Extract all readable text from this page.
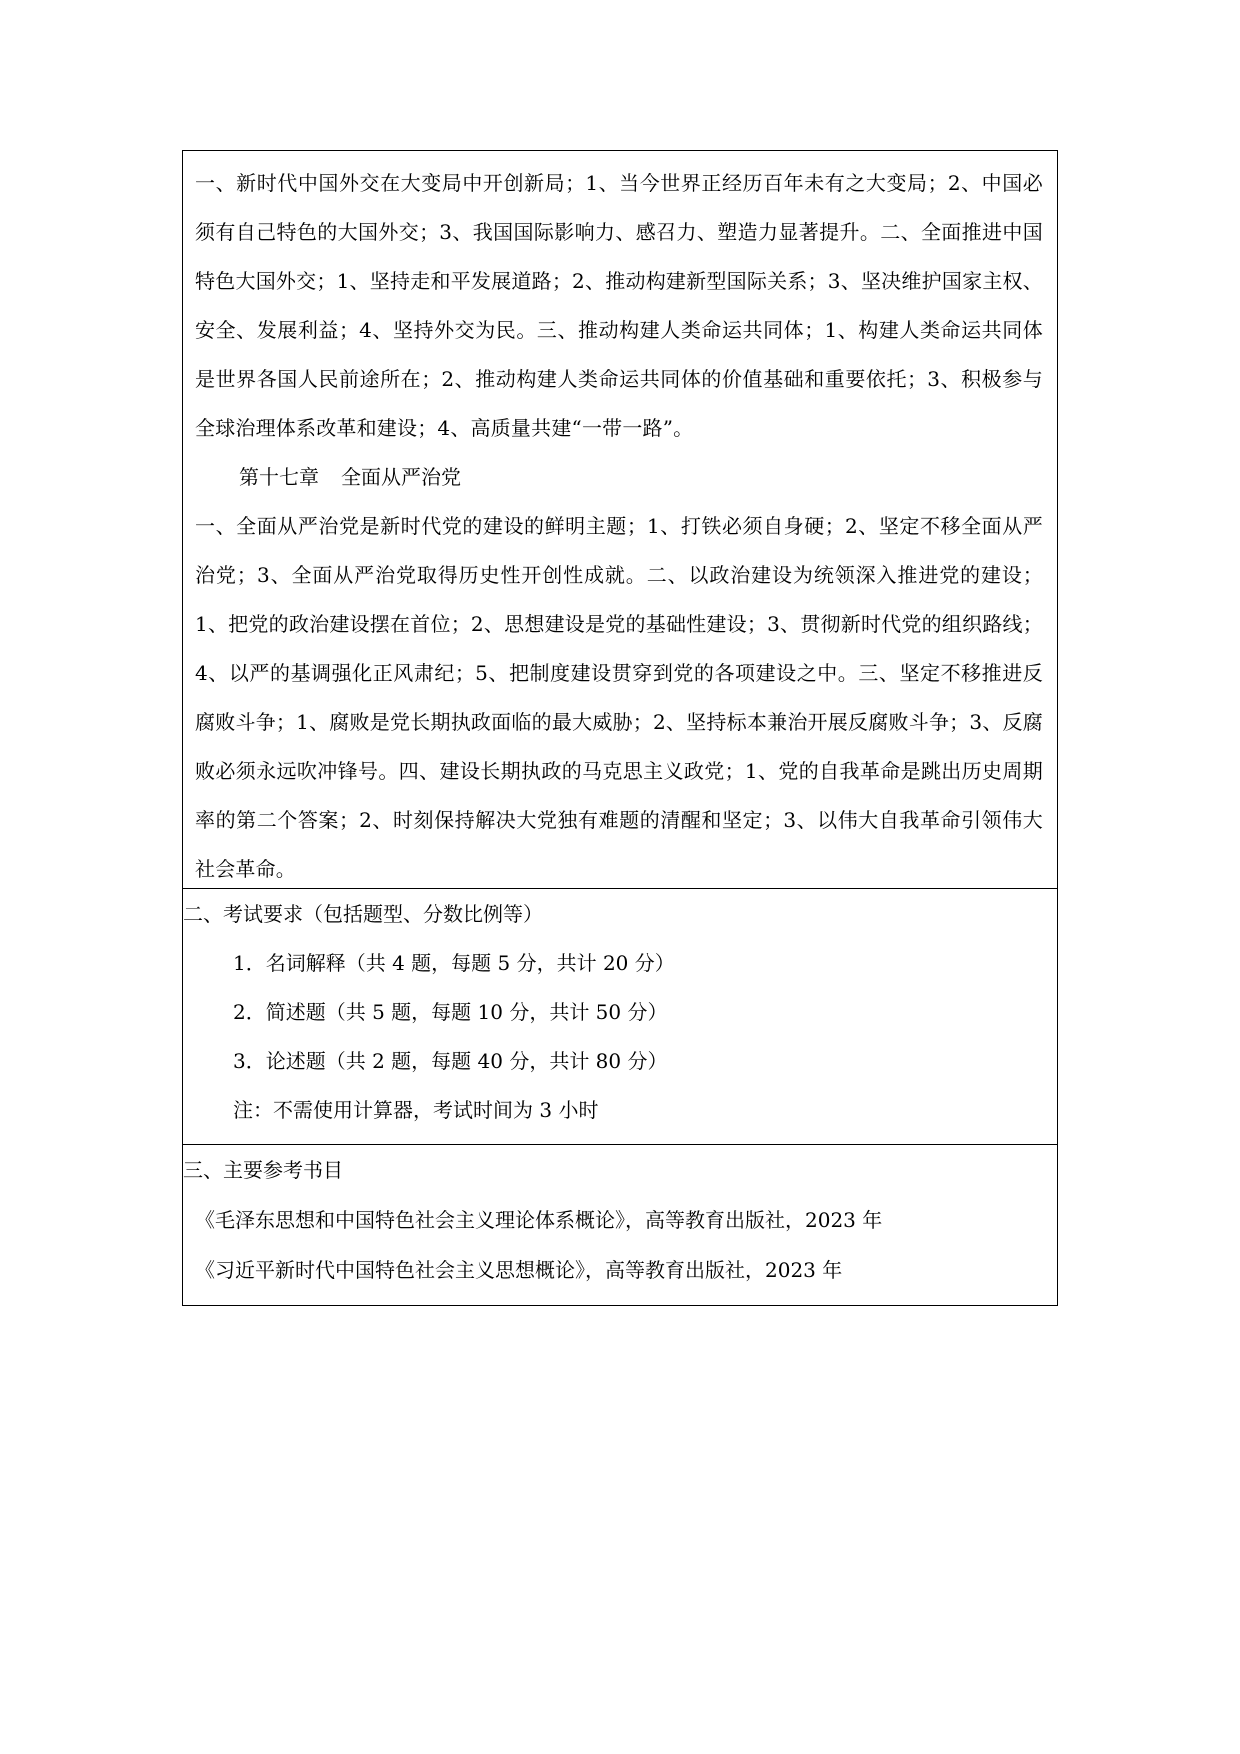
一、新时代中国外交在大变局中开创新局；1、当今世界正经历百年未有之大变局；2、中国必须有自己特色的大国外交；3、我国国际影响力、感召力、塑造力显著提升。二、全面推进中国特色大国外交；1、坚持走和平发展道路；2、推动构建新型国际关系；3、坚决维护国家主权、安全、发展利益；4、坚持外交为民。三、推动构建人类命运共同体；1、构建人类命运共同体是世界各国人民前途所在；2、推动构建人类命运共同体的价值基础和重要依托；3、积极参与全球治理体系改革和建设；4、高质量共建“一带一路”。

第十七章 全面从严治党

一、全面从严治党是新时代党的建设的鲜明主题；1、打铁必须自身硬；2、坚定不移全面从严治党；3、全面从严治党取得历史性开创性成就。二、以政治建设为统领深入推进党的建设；1、把党的政治建设摆在首位；2、思想建设是党的基础性建设；3、贯彻新时代党的组织路线；4、以严的基调强化正风肃纪；5、把制度建设贯穿到党的各项建设之中。三、坚定不移推进反腐败斗争；1、腐败是党长期执政面临的最大威胁；2、坚持标本兼治开展反腐败斗争；3、反腐败必须永远吹冲锋号。四、建设长期执政的马克思主义政党；1、党的自我革命是跳出历史周期率的第二个答案；2、时刻保持解决大党独有难题的清醒和坚定；3、以伟大自我革命引领伟大社会革命。

二、考试要求（包括题型、分数比例等）

1．名词解释（共 4 题，每题 5 分，共计 20 分）

2．简述题（共 5 题，每题 10 分，共计 50 分）

3．论述题（共 2 题，每题 40 分，共计 80 分）

注：不需使用计算器，考试时间为 3 小时

三、主要参考书目

《毛泽东思想和中国特色社会主义理论体系概论》，高等教育出版社，2023 年

《习近平新时代中国特色社会主义思想概论》，高等教育出版社，2023 年
